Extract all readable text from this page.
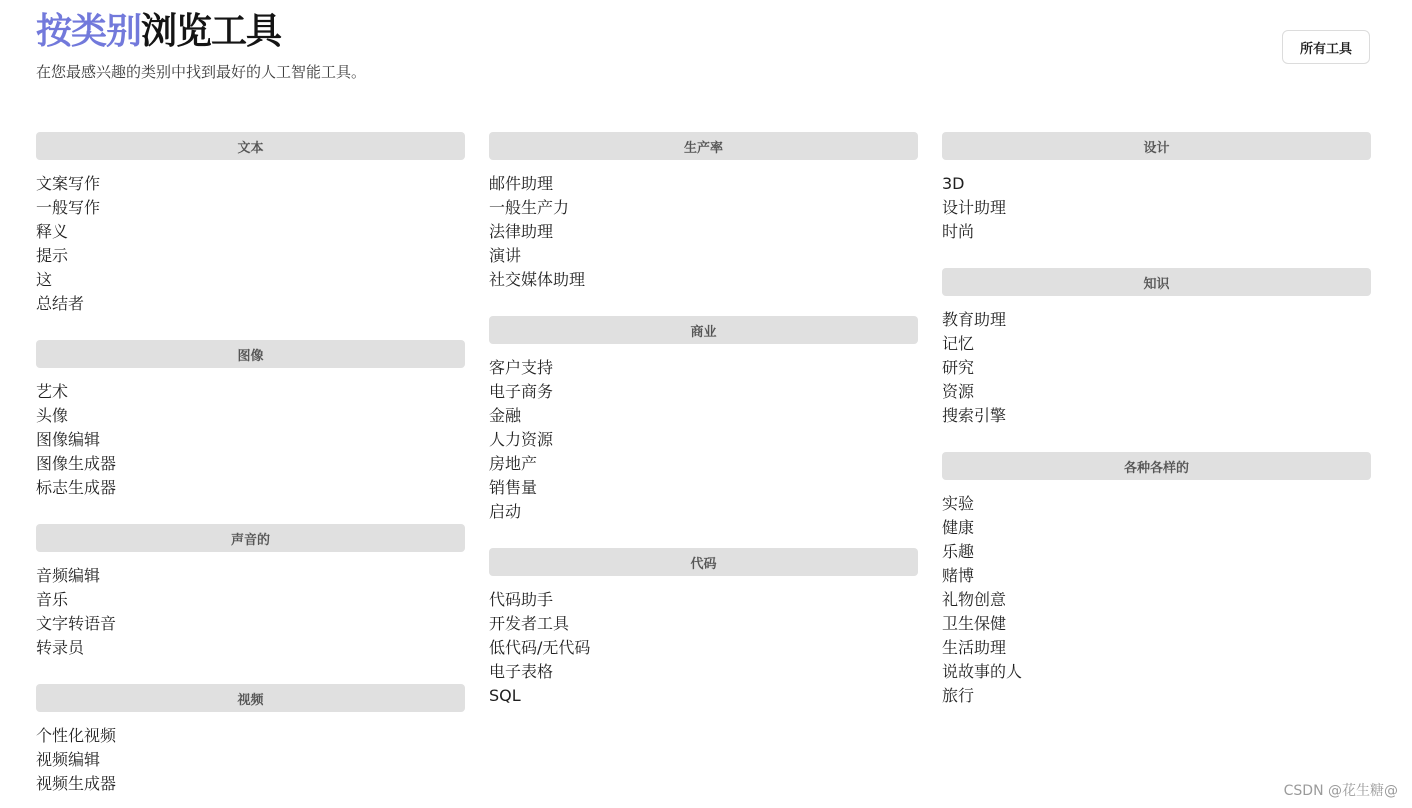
按类别浏览工具
在您最感兴趣的类别中找到最好的人工智能工具。
所有工具
文本
文案写作
一般写作
释义
提示
这
总结者
图像
艺术
头像
图像编辑
图像生成器
标志生成器
声音的
音频编辑
音乐
文字转语音
转录员
视频
个性化视频
视频编辑
视频生成器
生产率
邮件助理
一般生产力
法律助理
演讲
社交媒体助理
商业
客户支持
电子商务
金融
人力资源
房地产
销售量
启动
代码
代码助手
开发者工具
低代码/无代码
电子表格
SQL
设计
3D
设计助理
时尚
知识
教育助理
记忆
研究
资源
搜索引擎
各种各样的
实验
健康
乐趣
赌博
礼物创意
卫生保健
生活助理
说故事的人
旅行
CSDN @花生糖@
